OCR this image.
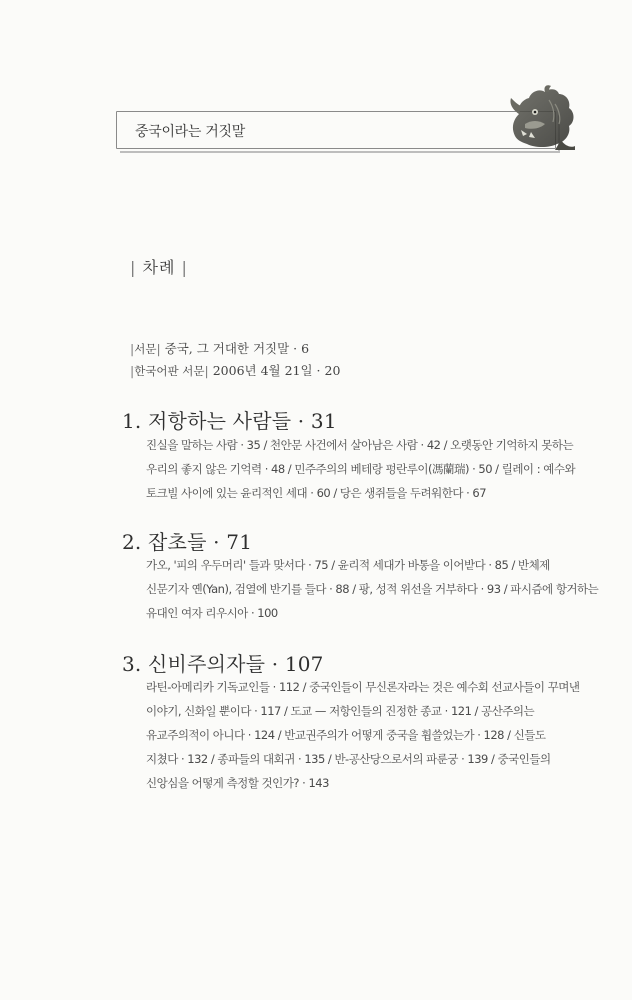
중국이라는 거짓말
| 차례 |
|서문| 중국, 그 거대한 거짓말 · 6
|한국어판 서문| 2006년 4월 21일 · 20
1. 저항하는 사람들 · 31
진실을 말하는 사람 · 35 / 천안문 사건에서 살아남은 사람 · 42 / 오랫동안 기억하지 못하는
우리의 좋지 않은 기억력 · 48 / 민주주의의 베테랑 펑란루이(馮蘭瑞) · 50 / 릴레이 : 예수와
토크빌 사이에 있는 윤리적인 세대 · 60 / 당은 생쥐들을 두려워한다 · 67
2. 잡초들 · 71
가오, '피의 우두머리' 들과 맞서다 · 75 / 윤리적 세대가 바통을 이어받다 · 85 / 반체제
신문기자 옌(Yan), 검열에 반기를 들다 · 88 / 팡, 성적 위선을 거부하다 · 93 / 파시즘에 항거하는
유대인 여자 리우시아 · 100
3. 신비주의자들 · 107
라틴-아메리카 기독교인들 · 112 / 중국인들이 무신론자라는 것은 예수회 선교사들이 꾸며낸
이야기, 신화일 뿐이다 · 117 / 도교 — 저항인들의 진정한 종교 · 121 / 공산주의는
유교주의적이 아니다 · 124 / 반교권주의가 어떻게 중국을 휩쓸었는가 · 128 / 신들도
지쳤다 · 132 / 종파들의 대회귀 · 135 / 반-공산당으로서의 파룬궁 · 139 / 중국인들의
신앙심을 어떻게 측정할 것인가? · 143
